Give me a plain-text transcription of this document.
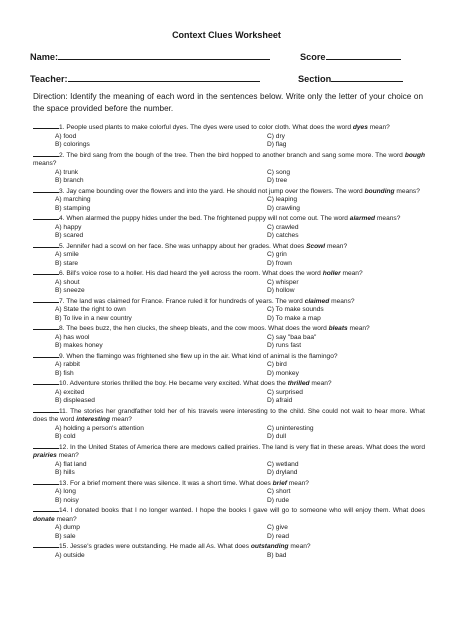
Context Clues Worksheet
Name:	Score
Teacher:	Section
Direction: Identify the meaning of each word in the sentences below. Write only the letter of your choice on the space provided before the number.
1. People used plants to make colorful dyes. The dyes were used to color cloth. What does the word dyes mean?
A) food	C) dry
B) colorings	D) flag
2. The bird sang from the bough of the tree. Then the bird hopped to another branch and sang some more. The word bough means?
A) trunk	C) song
B) branch	D) tree
3. Jay came bounding over the flowers and into the yard. He should not jump over the flowers. The word bounding means?
A) marching	C) leaping
B) stamping	D) crawling
4. When alarmed the puppy hides under the bed. The frightened puppy will not come out. The word alarmed means?
A) happy	C) crawled
B) scared	D) catches
5. Jennifer had a scowl on her face. She was unhappy about her grades. What does Scowl mean?
A) smile	C) grin
B) stare	D) frown
6. Bill's voice rose to a holler. His dad heard the yell across the room. What does the word holler mean?
A) shout	C) whisper
B) sneeze	D) hollow
7. The land was claimed for France. France ruled it for hundreds of years. The word claimed means?
A) State the right to own	C) To make sounds
B) To live in a new country	D) To make a map
8. The bees buzz, the hen clucks, the sheep bleats, and the cow moos. What does the word bleats mean?
A) has wool	C) say "baa baa"
B) makes honey	D) runs fast
9. When the flamingo was frightened she flew up in the air. What kind of animal is the flamingo?
A) rabbit	C) bird
B) fish	D) monkey
10. Adventure stories thrilled the boy. He became very excited. What does the thrilled mean?
A) excited	C) surprised
B) displeased	D) afraid
11. The stories her grandfather told her of his travels were interesting to the child. She could not wait to hear more. What does the word interesting mean?
A) holding a person's attention	C) uninteresting
B) cold	D) dull
12. In the United States of America there are medows called prairies. The land is very flat in these areas. What does the word prairies mean?
A) flat land	C) wetland
B) hills	D) dryland
13. For a brief moment there was silence. It was a short time. What does brief mean?
A) long	C) short
B) noisy	D) rude
14. I donated books that I no longer wanted. I hope the books I gave will go to someone who will enjoy them. What does donate mean?
A) dump	C) give
B) sale	D) read
15. Jesse's grades were outstanding. He made all As. What does outstanding mean?
A) outside	B) bad
